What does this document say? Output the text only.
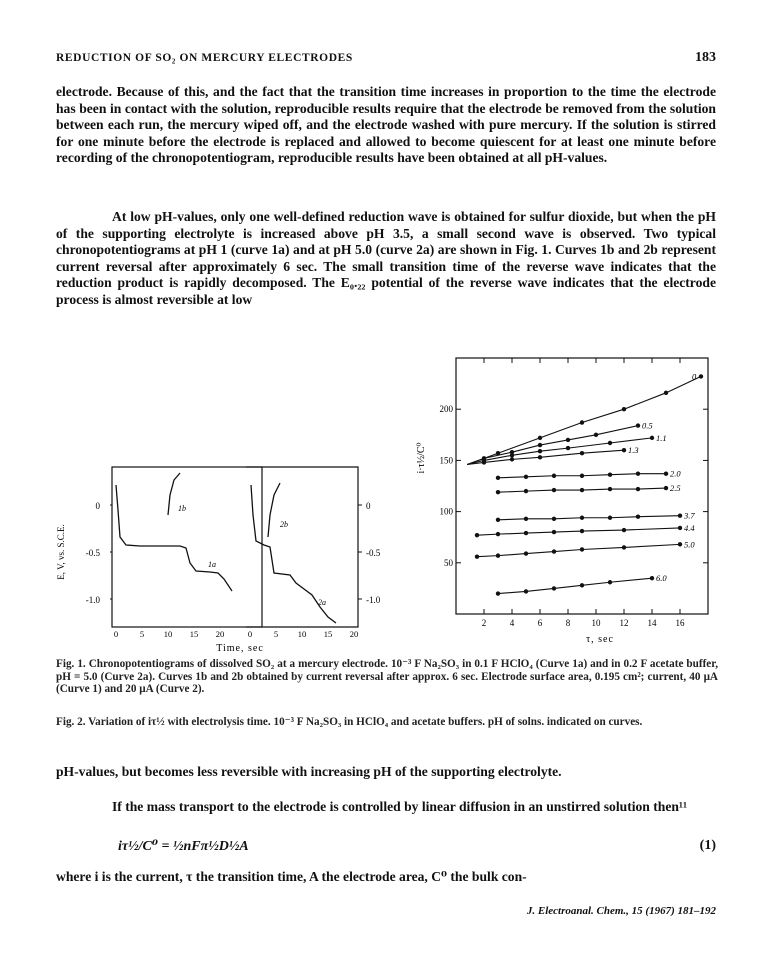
REDUCTION OF SO₂ ON MERCURY ELECTRODES	183

electrode. Because of this, and the fact that the transition time increases in proportion to the time the electrode has been in contact with the solution, reproducible results require that the electrode be removed from the solution between each run, the mercury wiped off, and the electrode washed with pure mercury. If the solution is stirred for one minute before the electrode is replaced and allowed to become quiescent for at least one minute before recording of the chronopotentiogram, reproducible results have been obtained at all pH-values.

At low pH-values, only one well-defined reduction wave is obtained for sulfur dioxide, but when the pH of the supporting electrolyte is increased above pH 3.5, a small second wave is observed. Two typical chronopotentiograms at pH 1 (curve 1a) and at pH 5.0 (curve 2a) are shown in Fig. 1. Curves 1b and 2b represent current reversal after approximately 6 sec. The small transition time of the reverse wave indicates that the reduction product is rapidly decomposed. The E₀.₂₂ potential of the reverse wave indicates that the electrode process is almost reversible at low

0
-0.5
-1.0
1b
1a
0	5 10 15 20
0
-0.5
-1.0
2b
2a
0	5 10 15 20
E, V, vs. S.C.E.
Time, sec
i·τ½/C⁰
τ, sec
2	4	6	8 10 12 14 16
50
100
150
200
0
0.5
1.1
1.3
2.0
2.5
3.7
4.4
5.0
6.0

Fig. 1. Chronopotentiograms of dissolved SO₂ at a mercury electrode. 10⁻³ F Na₂SO₃ in 0.1 F HClO₄ (Curve 1a) and in 0.2 F acetate buffer, pH = 5.0 (Curve 2a). Curves 1b and 2b obtained by current reversal after approx. 6 sec. Electrode surface area, 0.195 cm²; current, 40 μA (Curve 1) and 20 μA (Curve 2).

Fig. 2. Variation of iτ½ with electrolysis time. 10⁻³ F Na₂SO₃ in HClO₄ and acetate buffers. pH of solns. indicated on curves.

pH-values, but becomes less reversible with increasing pH of the supporting electrolyte.

If the mass transport to the electrode is controlled by linear diffusion in an unstirred solution then¹¹

iτ½/C⁰ = ½nFπ½D½A	(1)

where i is the current, τ the transition time, A the electrode area, C⁰ the bulk con-

J. Electroanal. Chem., 15 (1967) 181–192
